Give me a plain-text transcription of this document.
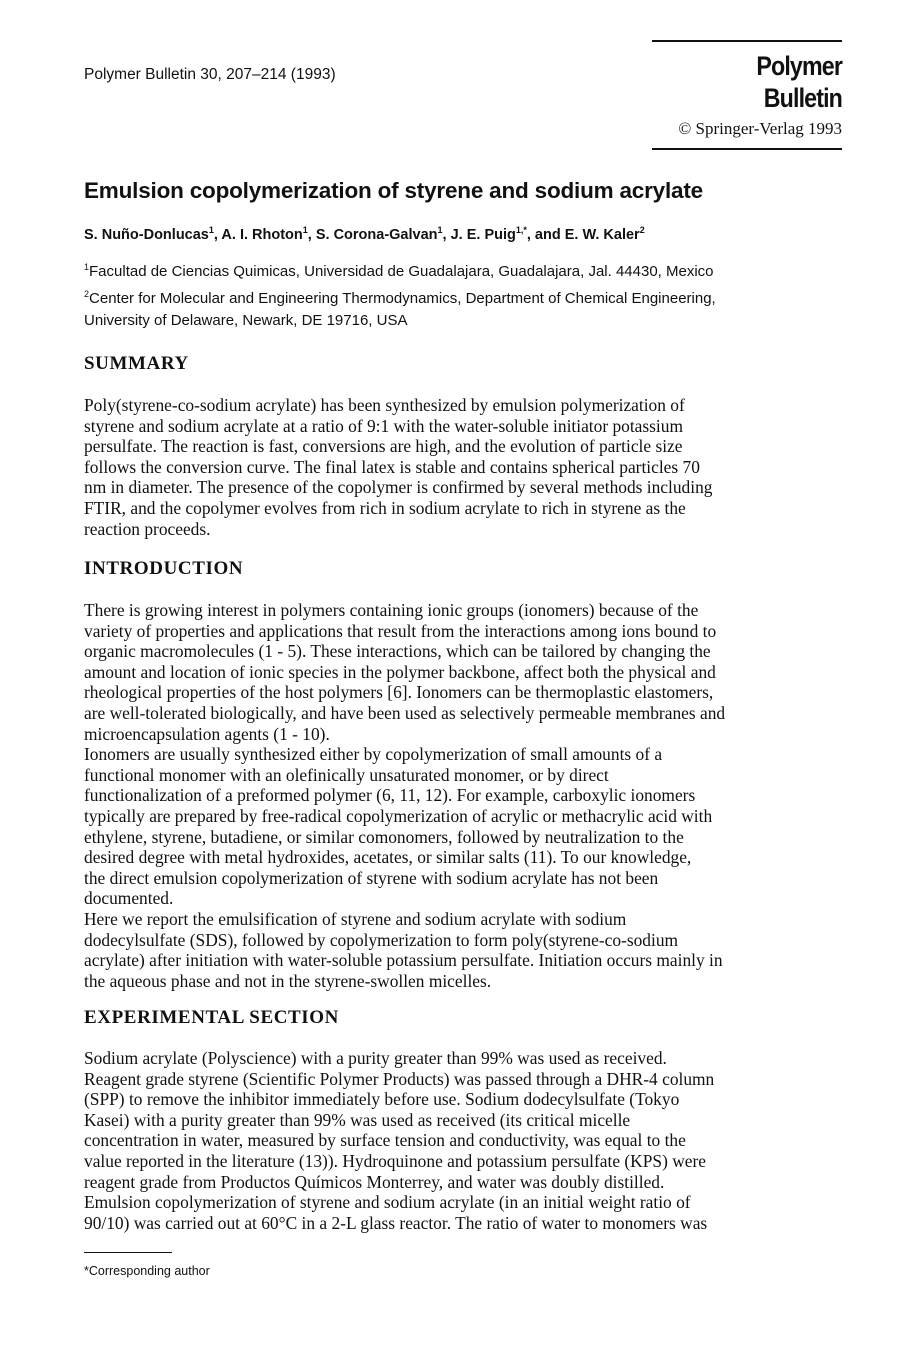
Polymer Bulletin 30, 207–214 (1993)	Polymer Bulletin
© Springer-Verlag 1993
Emulsion copolymerization of styrene and sodium acrylate
S. Nuño-Donlucas$^1$, A. I. Rhoton$^1$, S. Corona-Galvan$^1$, J. E. Puig$^{1,*}$, and E. W. Kaler$^2$
$^1$Facultad de Ciencias Quimicas, Universidad de Guadalajara, Guadalajara, Jal. 44430, Mexico
$^2$Center for Molecular and Engineering Thermodynamics, Department of Chemical Engineering,
University of Delaware, Newark, DE 19716, USA
SUMMARY
Poly(styrene-co-sodium acrylate) has been synthesized by emulsion polymerization of
styrene and sodium acrylate at a ratio of 9:1 with the water-soluble initiator potassium
persulfate. The reaction is fast, conversions are high, and the evolution of particle size
follows the conversion curve. The final latex is stable and contains spherical particles 70
nm in diameter. The presence of the copolymer is confirmed by several methods including
FTIR, and the copolymer evolves from rich in sodium acrylate to rich in styrene as the
reaction proceeds.
INTRODUCTION
There is growing interest in polymers containing ionic groups (ionomers) because of the
variety of properties and applications that result from the interactions among ions bound to
organic macromolecules (1 - 5). These interactions, which can be tailored by changing the
amount and location of ionic species in the polymer backbone, affect both the physical and
rheological properties of the host polymers [6]. Ionomers can be thermoplastic elastomers,
are well-tolerated biologically, and have been used as selectively permeable membranes and
microencapsulation agents (1 - 10).
Ionomers are usually synthesized either by copolymerization of small amounts of a
functional monomer with an olefinically unsaturated monomer, or by direct
functionalization of a preformed polymer (6, 11, 12). For example, carboxylic ionomers
typically are prepared by free-radical copolymerization of acrylic or methacrylic acid with
ethylene, styrene, butadiene, or similar comonomers, followed by neutralization to the
desired degree with metal hydroxides, acetates, or similar salts (11). To our knowledge,
the direct emulsion copolymerization of styrene with sodium acrylate has not been
documented.
Here we report the emulsification of styrene and sodium acrylate with sodium
dodecylsulfate (SDS), followed by copolymerization to form poly(styrene-co-sodium
acrylate) after initiation with water-soluble potassium persulfate. Initiation occurs mainly in
the aqueous phase and not in the styrene-swollen micelles.
EXPERIMENTAL SECTION
Sodium acrylate (Polyscience) with a purity greater than 99% was used as received.
Reagent grade styrene (Scientific Polymer Products) was passed through a DHR-4 column
(SPP) to remove the inhibitor immediately before use. Sodium dodecylsulfate (Tokyo
Kasei) with a purity greater than 99% was used as received (its critical micelle
concentration in water, measured by surface tension and conductivity, was equal to the
value reported in the literature (13)). Hydroquinone and potassium persulfate (KPS) were
reagent grade from Productos Químicos Monterrey, and water was doubly distilled.
Emulsion copolymerization of styrene and sodium acrylate (in an initial weight ratio of
90/10) was carried out at 60°C in a 2-L glass reactor. The ratio of water to monomers was
*Corresponding author
